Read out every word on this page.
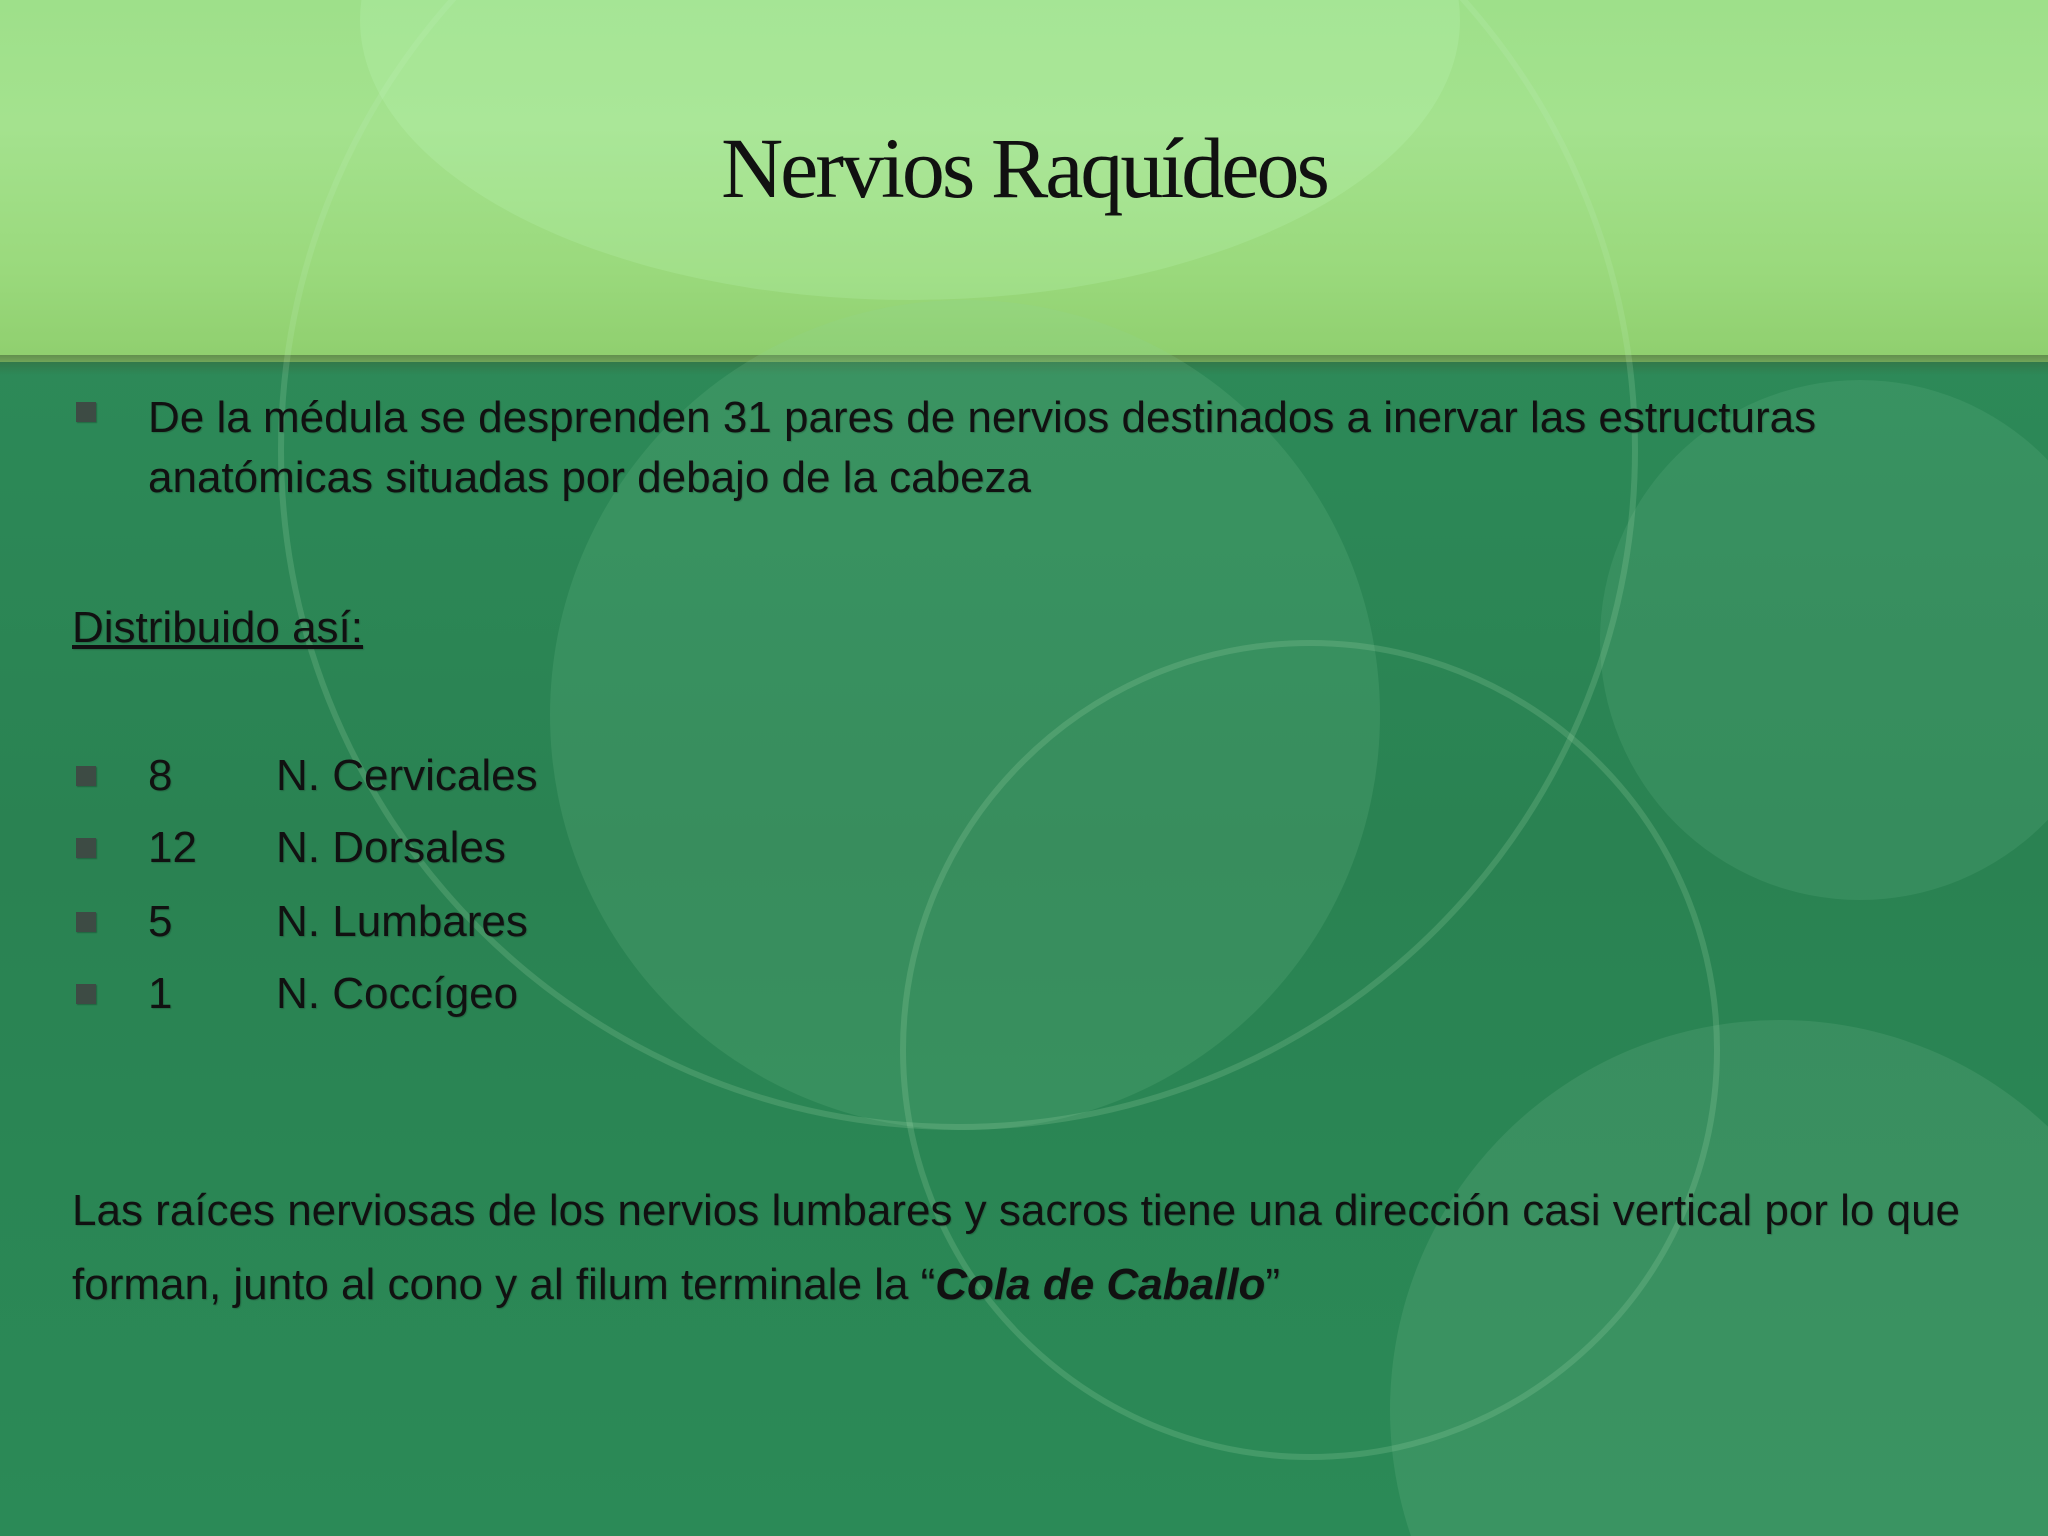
Nervios Raquídeos
De la médula se desprenden 31 pares de nervios destinados a inervar las estructuras anatómicas situadas por debajo de la cabeza
Distribuido así:
8 N. Cervicales
12 N. Dorsales
5 N. Lumbares
1 N. Coccígeo
Las raíces nerviosas de los nervios lumbares y sacros tiene una dirección casi vertical por lo que forman, junto al cono y al filum terminale la “Cola de Caballo”
